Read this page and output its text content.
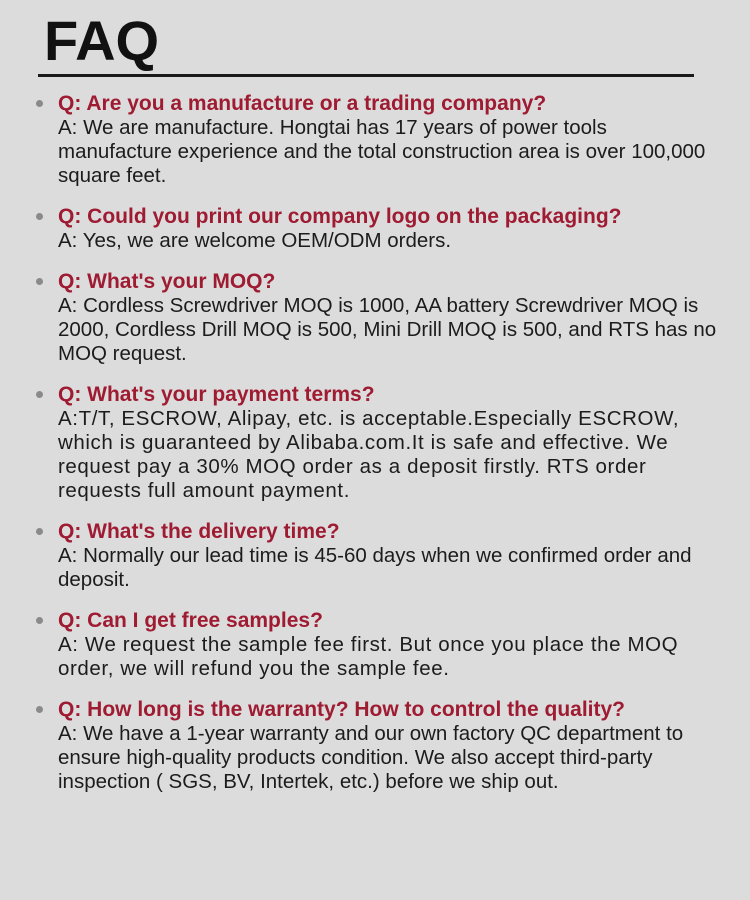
FAQ

Q: Are you a manufacture or a trading company?

A: We are manufacture. Hongtai has 17 years of power tools manufacture experience and the total construction area is over 100,000 square feet.

Q: Could you print our company logo on the packaging?

A: Yes, we are welcome OEM/ODM orders.

Q: What's your MOQ?

A: Cordless Screwdriver MOQ is 1000, AA battery Screwdriver MOQ is 2000, Cordless Drill MOQ is 500, Mini Drill MOQ is 500, and RTS has no MOQ request.

Q: What's your payment terms?

A:T/T, ESCROW, Alipay, etc. is acceptable.Especially ESCROW, which is guaranteed by Alibaba.com.It is safe and effective. We request pay a 30% MOQ order as a deposit firstly. RTS order requests full amount payment.

Q: What's the delivery time?

A: Normally our lead time is 45-60 days when we confirmed order and deposit.

Q: Can I get free samples?

A: We request the sample fee first. But once you place the MOQ order, we will refund you the sample fee.

Q: How long is the warranty? How to control the quality?

A: We have a 1-year warranty and our own factory QC department to ensure high-quality products condition. We also accept third-party inspection ( SGS, BV, Intertek, etc.) before we ship out.
